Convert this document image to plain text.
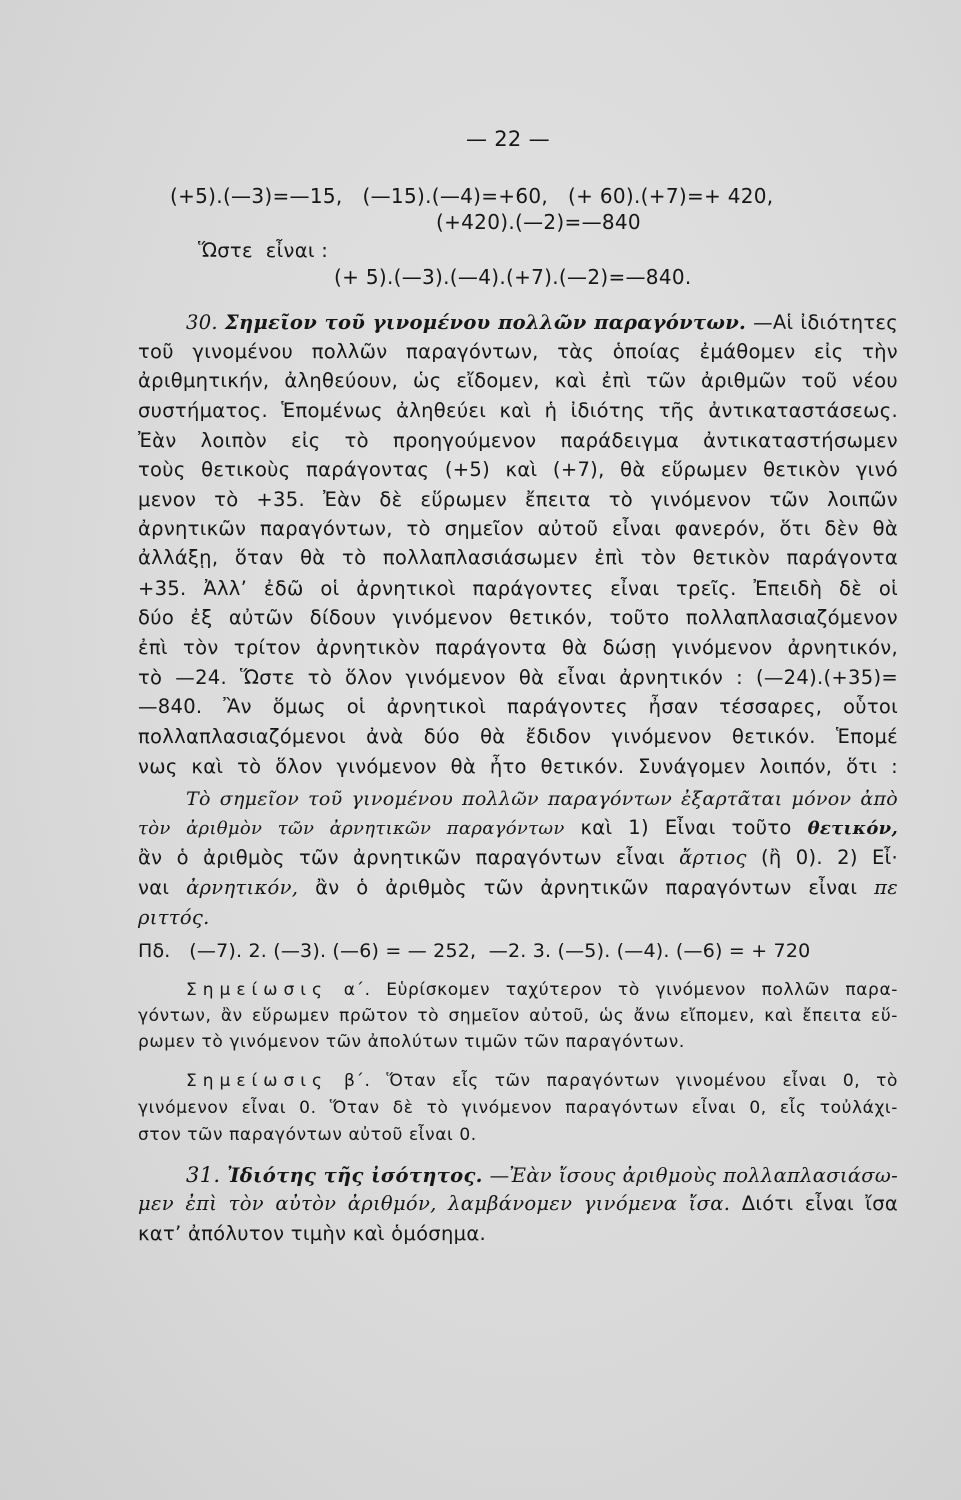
— 22 —
(+5).(—3)=—15,   (—15).(—4)=+60,   (+ 60).(+7)=+ 420,
(+420).(—2)=—840
Ὥστε  εἶναι :
(+ 5).(—3).(—4).(+7).(—2)=—840.
30. Σημεῖον τοῦ γινομένου πολλῶν παραγόντων. —Αἱ ἰδιότητες
τοῦ γινομένου πολλῶν παραγόντων, τὰς ὁποίας ἐμάθομεν εἰς τὴν
ἀριθμητικήν, ἀληθεύουν, ὡς εἴδομεν, καὶ ἐπὶ τῶν ἀριθμῶν τοῦ νέου
συστήματος. Ἑπομένως ἀληθεύει καὶ ἡ ἰδιότης τῆς ἀντικαταστάσεως.
Ἐὰν λοιπὸν εἰς τὸ προηγούμενον παράδειγμα ἀντικαταστήσωμεν
τοὺς θετικοὺς παράγοντας (+5) καὶ (+7), θὰ εὕρωμεν θετικὸν γινό
μενον τὸ +35. Ἐὰν δὲ εὕρωμεν ἔπειτα τὸ γινόμενον τῶν λοιπῶν
ἀρνητικῶν παραγόντων, τὸ σημεῖον αὐτοῦ εἶναι φανερόν, ὅτι δὲν θὰ
ἀλλάξῃ, ὅταν θὰ τὸ πολλαπλασιάσωμεν ἐπὶ τὸν θετικὸν παράγοντα
+35. Ἀλλ’ ἐδῶ οἱ ἀρνητικοὶ παράγοντες εἶναι τρεῖς. Ἐπειδὴ δὲ οἱ
δύο ἐξ αὐτῶν δίδουν γινόμενον θετικόν, τοῦτο πολλαπλασιαζόμενον
ἐπὶ τὸν τρίτον ἀρνητικὸν παράγοντα θὰ δώσῃ γινόμενον ἀρνητικόν,
τὸ —24. Ὥστε τὸ ὅλον γινόμενον θὰ εἶναι ἀρνητικόν : (—24).(+35)=
—840. Ἂν ὅμως οἱ ἀρνητικοὶ παράγοντες ἦσαν τέσσαρες, οὗτοι
πολλαπλασιαζόμενοι ἀνὰ δύο θὰ ἔδιδον γινόμενον θετικόν. Ἑπομέ
νως καὶ τὸ ὅλον γινόμενον θὰ ἦτο θετικόν. Συνάγομεν λοιπόν, ὅτι :
Τὸ σημεῖον τοῦ γινομένου πολλῶν παραγόντων ἐξαρτᾶται μόνον ἀπὸ
τὸν ἀριθμὸν τῶν ἀρνητικῶν παραγόντων καὶ 1) Εἶναι τοῦτο θετικόν,
ἂν ὁ ἀριθμὸς τῶν ἀρνητικῶν παραγόντων εἶναι ἄρτιος (ἢ 0). 2) Εἶ·
ναι ἀρνητικόν, ἂν ὁ ἀριθμὸς τῶν ἀρνητικῶν παραγόντων εἶναι πε
ριττός.
Πδ.   (—7). 2. (—3). (—6) = — 252,  —2. 3. (—5). (—4). (—6) = + 720
Σημείωσις α΄. Εὑρίσκομεν ταχύτερον τὸ γινόμενον πολλῶν παρα-
γόντων, ἂν εὕρωμεν πρῶτον τὸ σημεῖον αὐτοῦ, ὡς ἄνω εἴπομεν, καὶ ἔπειτα εὕ-
ρωμεν τὸ γινόμενον τῶν ἀπολύτων τιμῶν τῶν παραγόντων.
Σημείωσις β΄. Ὅταν εἷς τῶν παραγόντων γινομένου εἶναι 0, τὸ
γινόμενον εἶναι 0. Ὅταν δὲ τὸ γινόμενον παραγόντων εἶναι 0, εἷς τοὐλάχι-
στον τῶν παραγόντων αὐτοῦ εἶναι 0.
31. Ἰδιότης τῆς ἰσότητος. —Ἐὰν ἴσους ἀριθμοὺς πολλαπλασιάσω-
μεν ἐπὶ τὸν αὐτὸν ἀριθμόν, λαμβάνομεν γινόμενα ἴσα. Διότι εἶναι ἴσα
κατ’ ἀπόλυτον τιμὴν καὶ ὁμόσημα.
